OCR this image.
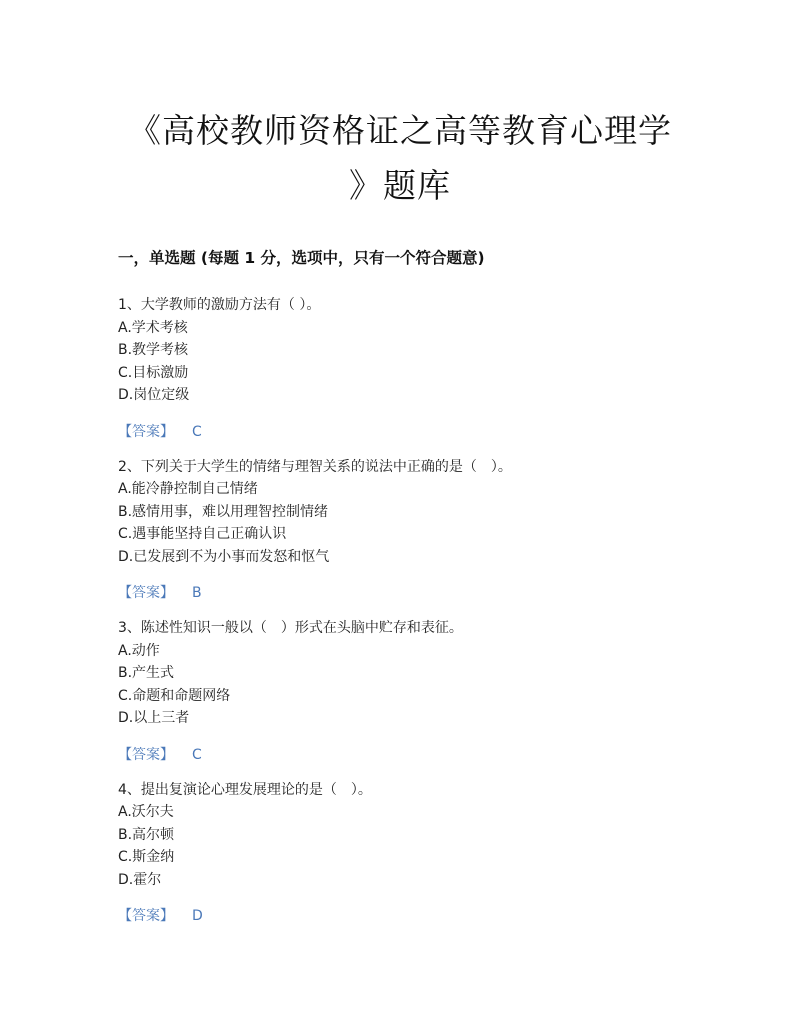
《高校教师资格证之高等教育心理学
》题库
一，单选题 (每题 1 分，选项中，只有一个符合题意)
1、大学教师的激励方法有（ ）。
A.学术考核
B.教学考核
C.目标激励
D.岗位定级
【答案】 C
2、下列关于大学生的情绪与理智关系的说法中正确的是（　）。
A.能冷静控制自己情绪
B.感情用事，难以用理智控制情绪
C.遇事能坚持自己正确认识
D.已发展到不为小事而发怒和怄气
【答案】 B
3、陈述性知识一般以（　）形式在头脑中贮存和表征。
A.动作
B.产生式
C.命题和命题网络
D.以上三者
【答案】 C
4、提出复演论心理发展理论的是（　）。
A.沃尔夫
B.高尔顿
C.斯金纳
D.霍尔
【答案】 D
